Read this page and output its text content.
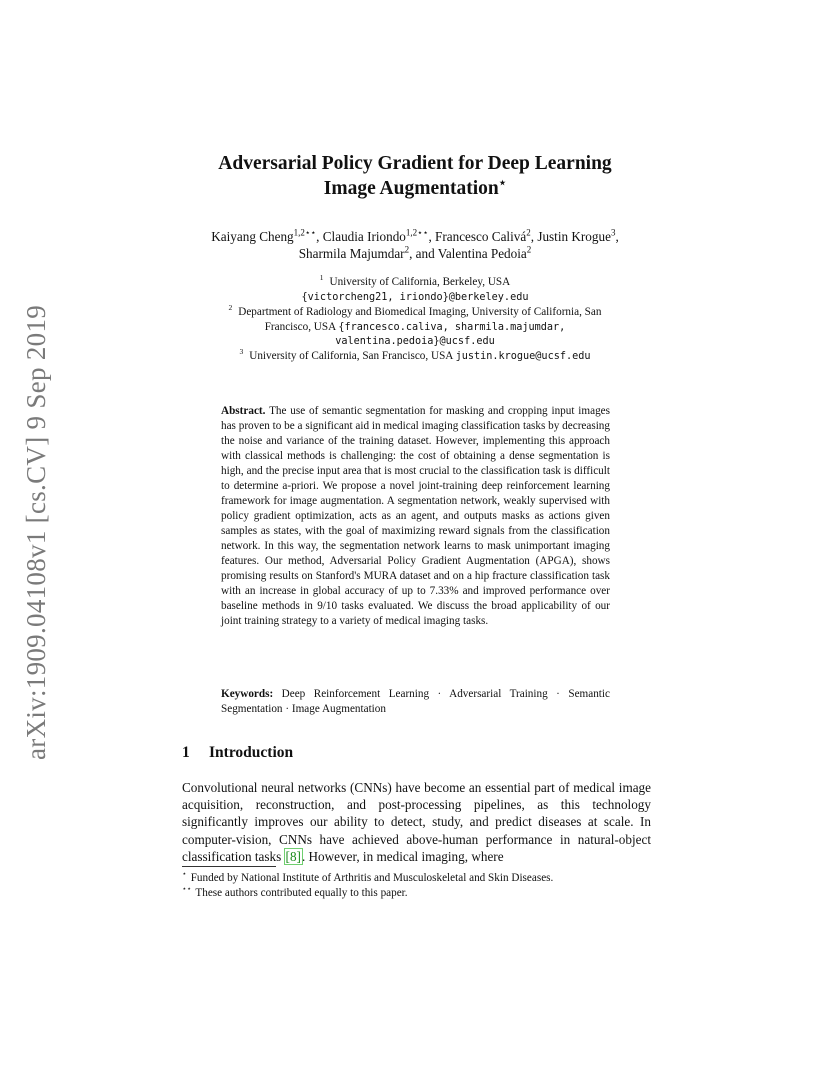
arXiv:1909.04108v1 [cs.CV] 9 Sep 2019
Adversarial Policy Gradient for Deep Learning
Image Augmentation⋆
Kaiyang Cheng$^{1,2⋆⋆}$, Claudia Iriondo$^{1,2⋆⋆}$, Francesco Calivá$^2$, Justin Krogue$^3$,
Sharmila Majumdar$^2$, and Valentina Pedoia$^2$
$^1$ University of California, Berkeley, USA
{victorcheng21, iriondo}@berkeley.edu
$^2$ Department of Radiology and Biomedical Imaging, University of California, San
Francisco, USA {francesco.caliva, sharmila.majumdar,
valentina.pedoia}@ucsf.edu
$^3$ University of California, San Francisco, USA justin.krogue@ucsf.edu
Abstract. The use of semantic segmentation for masking and cropping input images has proven to be a significant aid in medical imaging classification tasks by decreasing the noise and variance of the training dataset. However, implementing this approach with classical methods is challenging: the cost of obtaining a dense segmentation is high, and the precise input area that is most crucial to the classification task is difficult to determine a-priori. We propose a novel joint-training deep reinforcement learning framework for image augmentation. A segmentation network, weakly supervised with policy gradient optimization, acts as an agent, and outputs masks as actions given samples as states, with the goal of maximizing reward signals from the classification network. In this way, the segmentation network learns to mask unimportant imaging features. Our method, Adversarial Policy Gradient Augmentation (APGA), shows promising results on Stanford's MURA dataset and on a hip fracture classification task with an increase in global accuracy of up to 7.33% and improved performance over baseline methods in 9/10 tasks evaluated. We discuss the broad applicability of our joint training strategy to a variety of medical imaging tasks.
Keywords: Deep Reinforcement Learning · Adversarial Training · Semantic Segmentation · Image Augmentation
1 Introduction
Convolutional neural networks (CNNs) have become an essential part of medical image acquisition, reconstruction, and post-processing pipelines, as this technology significantly improves our ability to detect, study, and predict diseases at scale. In computer-vision, CNNs have achieved above-human performance in natural-object classification tasks [8]. However, in medical imaging, where
⋆ Funded by National Institute of Arthritis and Musculoskeletal and Skin Diseases.
⋆⋆ These authors contributed equally to this paper.
